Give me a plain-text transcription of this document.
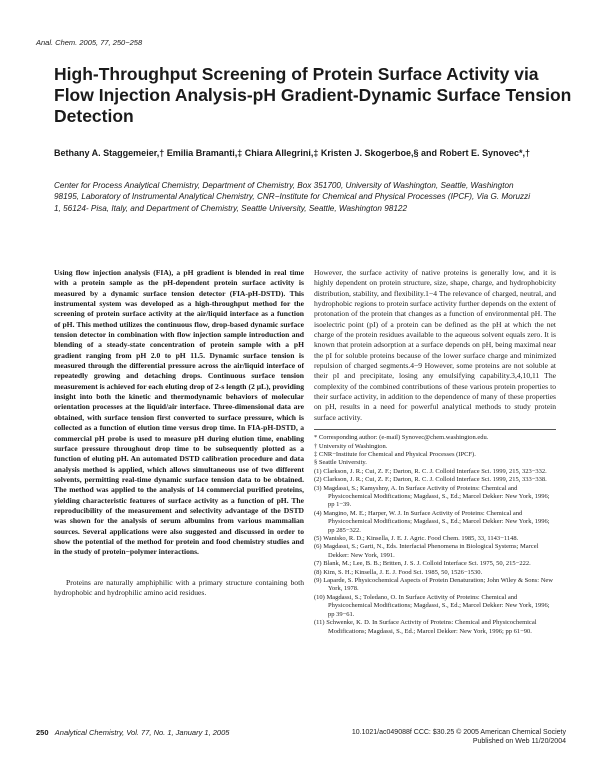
Anal. Chem. 2005, 77, 250−258
High-Throughput Screening of Protein Surface Activity via Flow Injection Analysis-pH Gradient-Dynamic Surface Tension Detection
Bethany A. Staggemeier,† Emilia Bramanti,‡ Chiara Allegrini,‡ Kristen J. Skogerboe,§ and Robert E. Synovec*,†
Center for Process Analytical Chemistry, Department of Chemistry, Box 351700, University of Washington, Seattle, Washington 98195, Laboratory of Instrumental Analytical Chemistry, CNR−Institute for Chemical and Physical Processes (IPCF), Via G. Moruzzi 1, 56124- Pisa, Italy, and Department of Chemistry, Seattle University, Seattle, Washington 98122

Using flow injection analysis (FIA), a pH gradient is blended in real time with a protein sample as the pH-dependent protein surface activity is measured by a dynamic surface tension detector (FIA-pH-DSTD). This instrumental system was developed as a high-throughput method for the screening of protein surface activity at the air/liquid interface as a function of pH. This method utilizes the continuous flow, drop-based dynamic surface tension detector in combination with flow injection sample introduction and blending of a steady-state concentration of protein sample with a pH gradient ranging from pH 2.0 to pH 11.5. Dynamic surface tension is measured through the differential pressure across the air/liquid interface of repeatedly growing and detaching drops. Continuous surface tension measurement is achieved for each eluting drop of 2-s length (2 μL), providing insight into both the kinetic and thermodynamic behaviors of molecular orientation processes at the liquid/air interface. Three-dimensional data are obtained, with surface tension first converted to surface pressure, which is collected as a function of elution time versus drop time. In FIA-pH-DSTD, a commercial pH probe is used to measure pH during elution time, enabling surface pressure throughout drop time to be subsequently plotted as a function of eluting pH. An automated DSTD calibration procedure and data analysis method is applied, which allows simultaneous use of two different solvents, permitting real-time dynamic surface tension data to be obtained. The method was applied to the analysis of 14 commercial purified proteins, yielding characteristic features of surface activity as a function of pH. The reproducibility of the measurement and selectivity advantage of the DSTD was shown for the analysis of serum albumins from various mammalian sources. Several applications were also suggested and discussed in order to show the potential of the method for protein and food chemistry studies and in the study of protein−polymer interactions.

Proteins are naturally amphiphilic with a primary structure containing both hydrophobic and hydrophilic amino acid residues.

However, the surface activity of native proteins is generally low, and it is highly dependent on protein structure, size, shape, charge, and hydrophobicity distribution, stability, and flexibility.1−4 The relevance of charged, neutral, and hydrophobic regions to protein surface activity further depends on the extent of protonation of the protein that changes as a function of environmental pH. The isoelectric point (pI) of a protein can be defined as the pH at which the net charge of the protein residues available to the aqueous solvent equals zero. It is known that protein adsorption at a surface depends on pH, being maximal near the pI for soluble proteins because of the lower surface charge and minimized repulsion of charged segments.4−9 However, some proteins are not soluble at their pI and precipitate, losing any emulsifying capability.3,4,10,11 The complexity of the combined contributions of these various protein properties to their surface activity, in addition to the dependence of many of these properties on pH, results in a need for powerful analytical methods to study protein surface activity.

* Corresponding author: (e-mail) Synovec@chem.washington.edu.

† University of Washington.

‡ CNR−Institute for Chemical and Physical Processes (IPCF).

§ Seattle University.

(1) Clarkson, J. R.; Cui, Z. F.; Darton, R. C. J. Colloid Interface Sci. 1999, 215, 323−332.

(2) Clarkson, J. R.; Cui, Z. F.; Darton, R. C. J. Colloid Interface Sci. 1999, 215, 333−338.

(3) Magdassi, S.; Kamyshny, A. In Surface Activity of Proteins: Chemical and Physicochemical Modifications; Magdassi, S., Ed.; Marcel Dekker: New York, 1996; pp 1−39.

(4) Mangino, M. E.; Harper, W. J. In Surface Activity of Proteins: Chemical and Physicochemical Modifications; Magdassi, S., Ed.; Marcel Dekker: New York, 1996; pp 285−322.

(5) Wanisko, R. D.; Kinsella, J. E. J. Agric. Food Chem. 1985, 33, 1143−1148.

(6) Magdassi, S.; Garti, N., Eds. Interfacial Phenomena in Biological Systems; Marcel Dekker: New York, 1991.

(7) Blank, M.; Lee, B. B.; Britten, J. S. J. Colloid Interface Sci. 1975, 50, 215−222.

(8) Kim, S. H.; Kinsella, J. E. J. Food Sci. 1985, 50, 1526−1530.

(9) Laparde, S. Physicochemical Aspects of Protein Denaturation; John Wiley & Sons: New York, 1978.

(10) Magdassi, S.; Toledano, O. In Surface Activity of Proteins: Chemical and Physicochemical Modifications; Magdassi, S., Ed.; Marcel Dekker: New York, 1996; pp 39−61.

(11) Schwenke, K. D. In Surface Activity of Proteins: Chemical and Physicochemical Modifications; Magdassi, S., Ed.; Marcel Dekker: New York, 1996; pp 61−90.

250 Analytical Chemistry, Vol. 77, No. 1, January 1, 2005	10.1021/ac049088f CCC: $30.25 © 2005 American Chemical Society
Published on Web 11/20/2004
